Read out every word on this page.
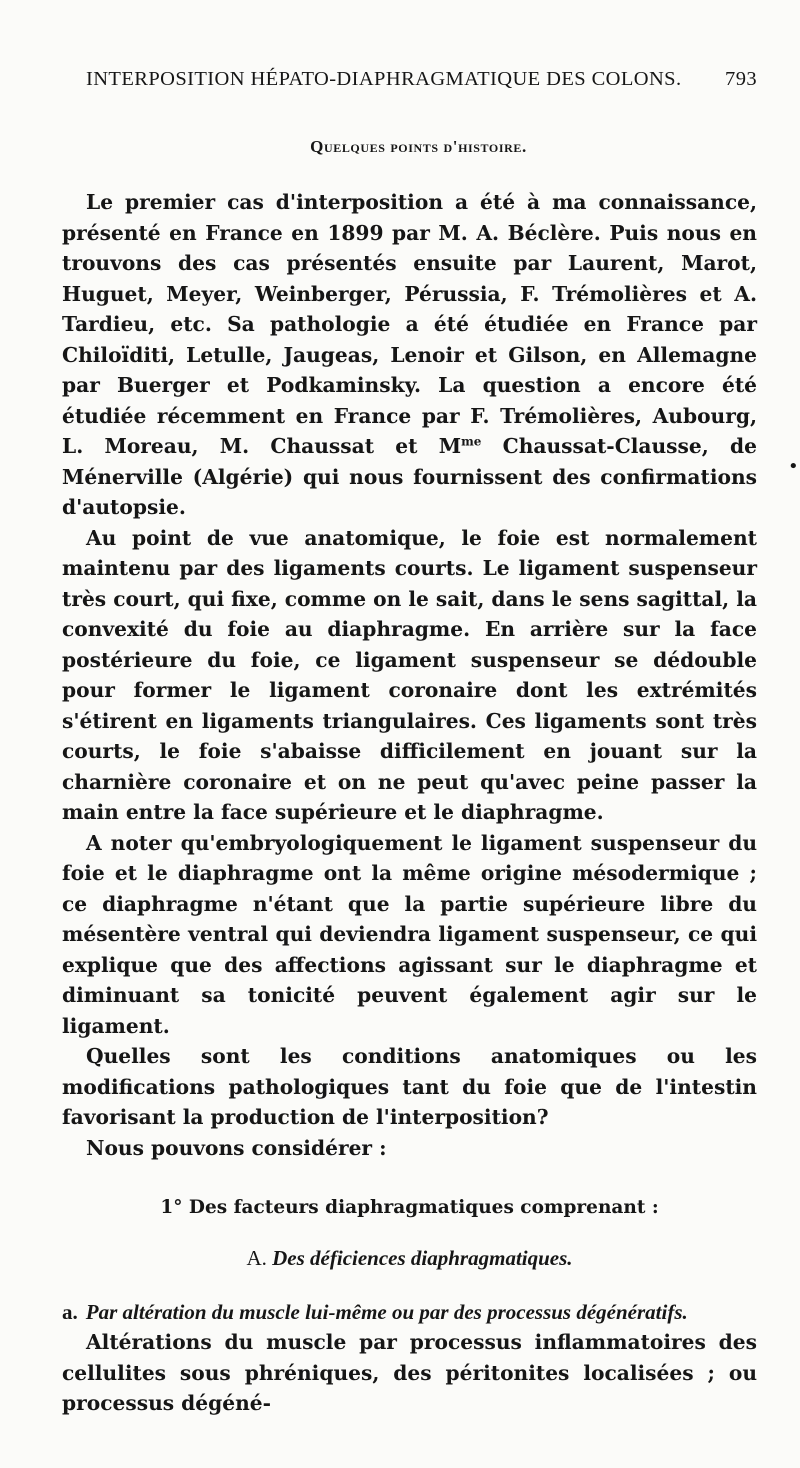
INTERPOSITION HÉPATO-DIAPHRAGMATIQUE DES COLONS. 793
Quelques points d'histoire.

Le premier cas d'interposition a été à ma connaissance, présenté en France en 1899 par M. A. Béclère. Puis nous en trouvons des cas présentés ensuite par Laurent, Marot, Huguet, Meyer, Weinberger, Pérussia, F. Trémolières et A. Tardieu, etc. Sa pathologie a été étudiée en France par Chiloïditi, Letulle, Jaugeas, Lenoir et Gilson, en Allemagne par Buerger et Podkaminsky. La question a encore été étudiée récemment en France par F. Trémolières, Aubourg, L. Moreau, M. Chaussat et $M^{me}$ Chaussat-Clausse, de Ménerville (Algérie) qui nous fournissent des confirmations d'autopsie.

Au point de vue anatomique, le foie est normalement maintenu par des ligaments courts. Le ligament suspenseur très court, qui fixe, comme on le sait, dans le sens sagittal, la convexité du foie au diaphragme. En arrière sur la face postérieure du foie, ce ligament suspenseur se dédouble pour former le ligament coronaire dont les extrémités s'étirent en ligaments triangulaires. Ces ligaments sont très courts, le foie s'abaisse difficilement en jouant sur la charnière coronaire et on ne peut qu'avec peine passer la main entre la face supérieure et le diaphragme.

A noter qu'embryologiquement le ligament suspenseur du foie et le diaphragme ont la même origine mésodermique ; ce diaphragme n'étant que la partie supérieure libre du mésentère ventral qui deviendra ligament suspenseur, ce qui explique que des affections agissant sur le diaphragme et diminuant sa tonicité peuvent également agir sur le ligament.

Quelles sont les conditions anatomiques ou les modifications pathologiques tant du foie que de l'intestin favorisant la production de l'interposition?

Nous pouvons considérer :

1° Des facteurs diaphragmatiques comprenant :
A. Des déficiences diaphragmatiques.
a. Par altération du muscle lui-même ou par des processus dégénératifs.

Altérations du muscle par processus inflammatoires des cellulites sous phréniques, des péritonites localisées ; ou processus dégéné-

•
